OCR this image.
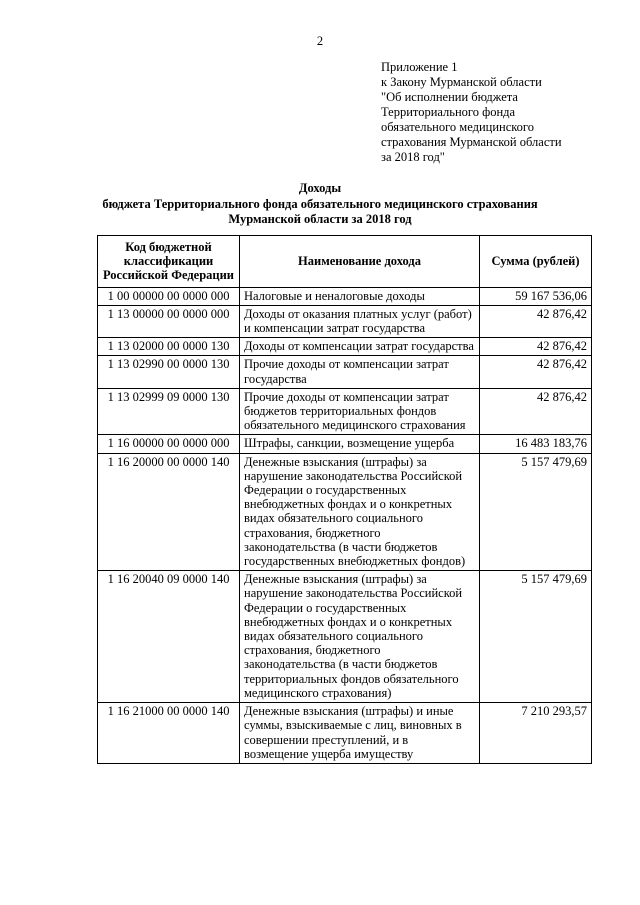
2
Приложение 1
к Закону Мурманской области
"Об исполнении бюджета
Территориального фонда
обязательного медицинского
страхования Мурманской области
за 2018 год"
Доходы
бюджета Территориального фонда обязательного медицинского страхования
Мурманской области за 2018 год
Код бюджетной классификации Российской Федерации	Наименование дохода	Сумма (рублей)
1 00 00000 00 0000 000	Налоговые и неналоговые доходы	59 167 536,06
1 13 00000 00 0000 000	Доходы от оказания платных услуг (работ) и компенсации затрат государства	42 876,42
1 13 02000 00 0000 130	Доходы от компенсации затрат государства	42 876,42
1 13 02990 00 0000 130	Прочие доходы от компенсации затрат государства	42 876,42
1 13 02999 09 0000 130	Прочие доходы от компенсации затрат бюджетов территориальных фондов обязательного медицинского страхования	42 876,42
1 16 00000 00 0000 000	Штрафы, санкции, возмещение ущерба	16 483 183,76
1 16 20000 00 0000 140	Денежные взыскания (штрафы) за нарушение законодательства Российской Федерации о государственных внебюджетных фондах и о конкретных видах обязательного социального страхования, бюджетного законодательства (в части бюджетов государственных внебюджетных фондов)	5 157 479,69
1 16 20040 09 0000 140	Денежные взыскания (штрафы) за нарушение законодательства Российской Федерации о государственных внебюджетных фондах и о конкретных видах обязательного социального страхования, бюджетного законодательства (в части бюджетов территориальных фондов обязательного медицинского страхования)	5 157 479,69
1 16 21000 00 0000 140	Денежные взыскания (штрафы) и иные суммы, взыскиваемые с лиц, виновных в совершении преступлений, и в возмещение ущерба имуществу	7 210 293,57
